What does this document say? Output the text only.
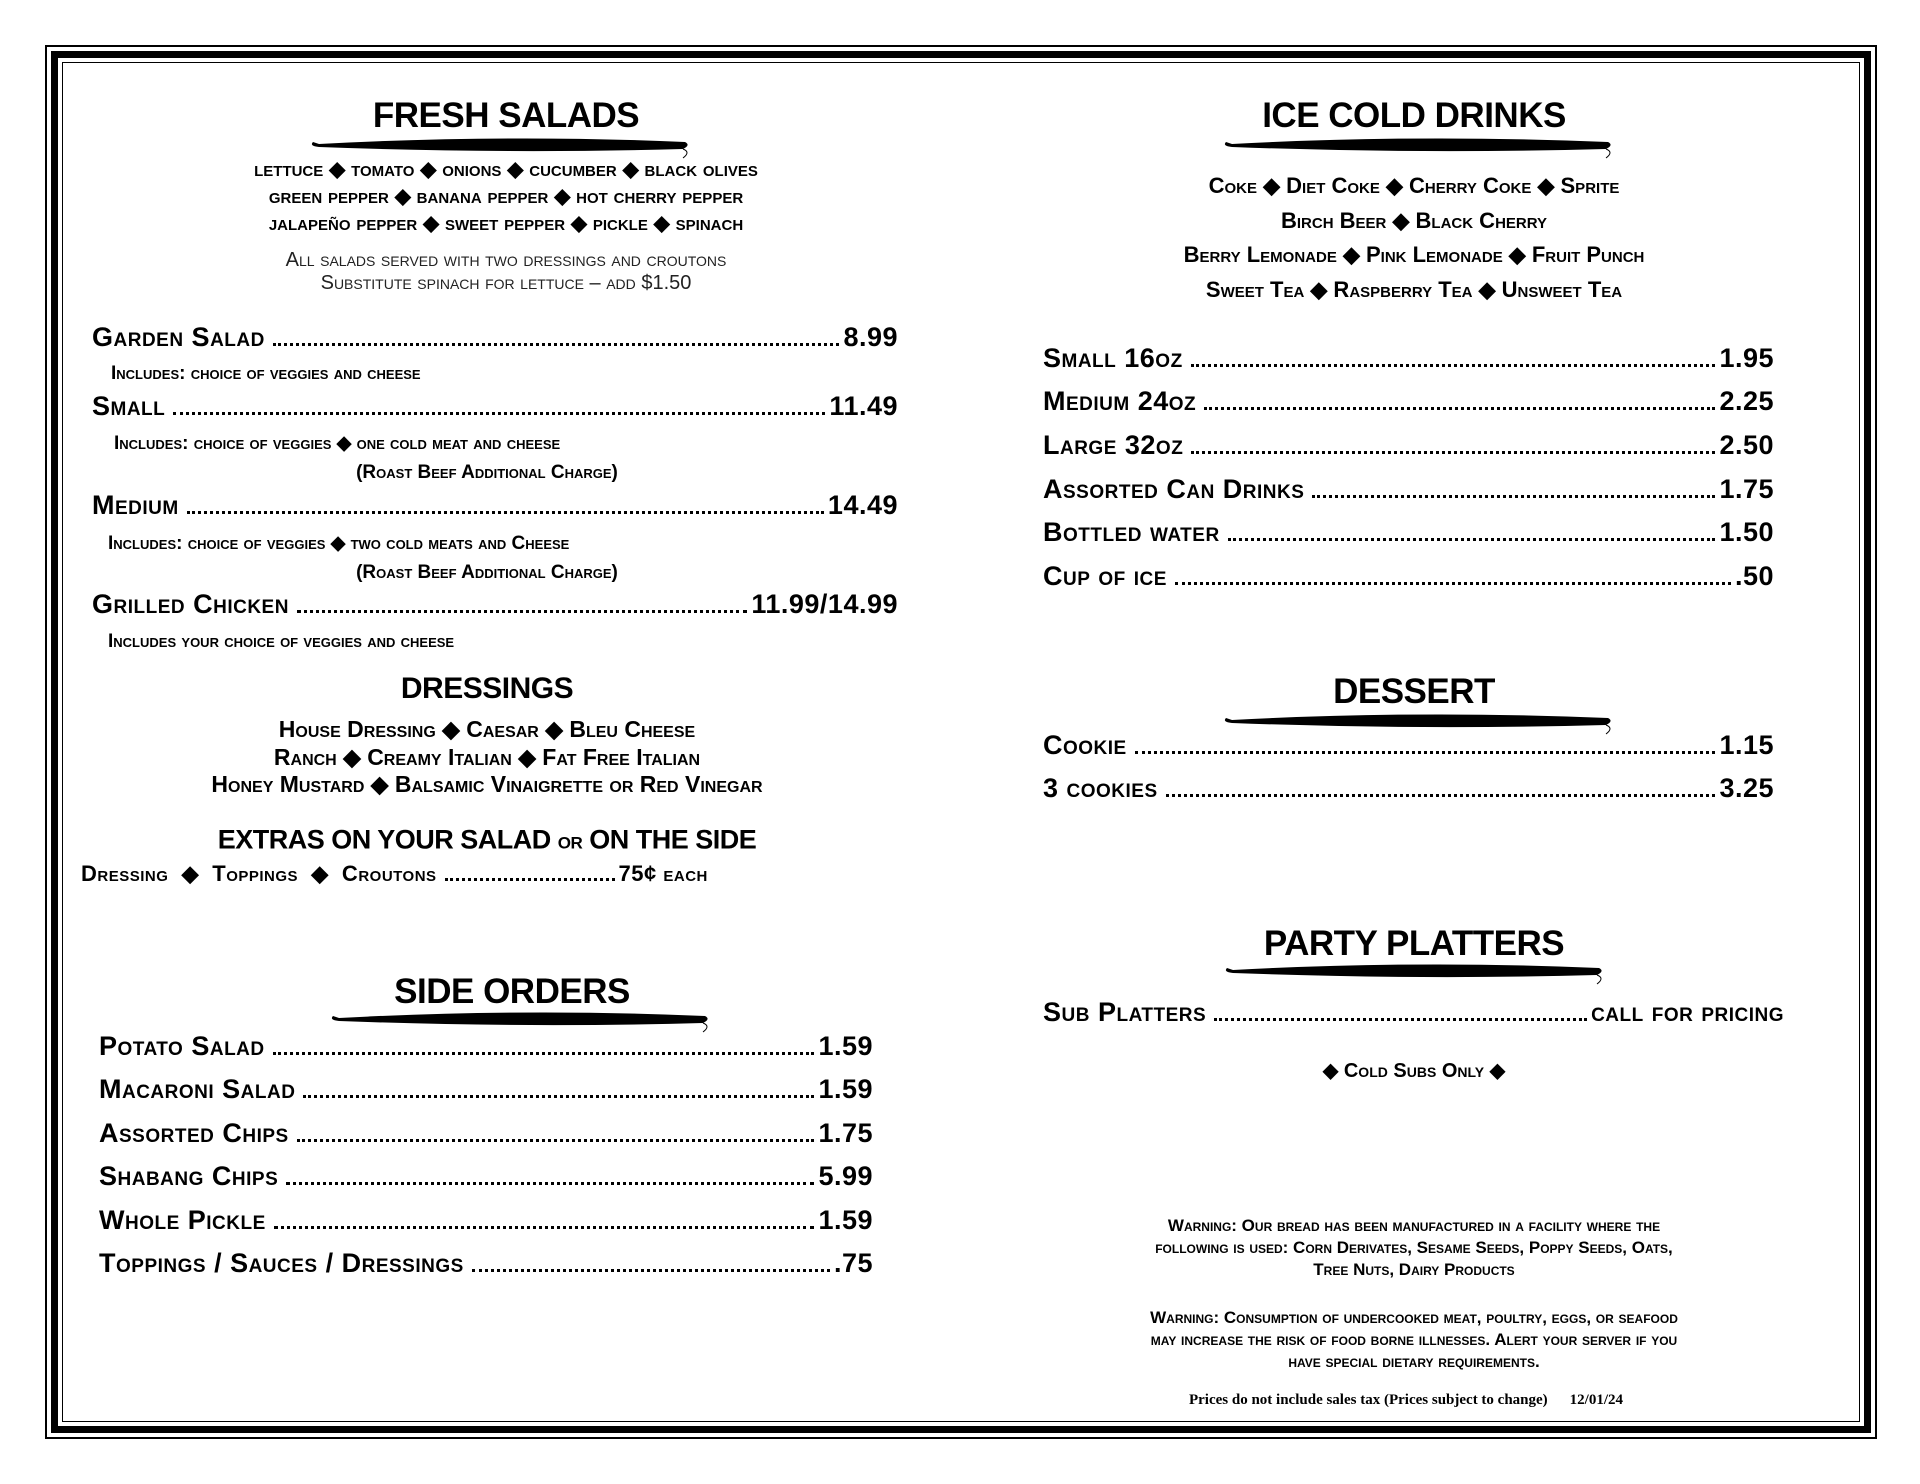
FRESH SALADS
lettuce ◆ tomato ◆ onions ◆ cucumber ◆ black olives
green pepper ◆ banana pepper ◆ hot cherry pepper
jalapeño pepper ◆ sweet pepper ◆ pickle ◆ spinach
All salads served with two dressings and croutons
Substitute spinach for lettuce – add $1.50
Garden Salad	8.99
Small	11.49
Medium	14.49
Grilled Chicken	11.99/14.99
Includes: choice of veggies and cheese
Includes: choice of veggies ◆ one cold meat and cheese
(Roast Beef Additional Charge)
Includes: choice of veggies ◆ two cold meats and Cheese
(Roast Beef Additional Charge)
Includes your choice of veggies and cheese
DRESSINGS
House Dressing ◆ Caesar ◆ Bleu Cheese
Ranch ◆ Creamy Italian ◆ Fat Free Italian
Honey Mustard ◆ Balsamic Vinaigrette or Red Vinegar
EXTRAS ON YOUR SALAD or ON THE SIDE
Dressing  ◆  Toppings  ◆  Croutons	75¢ each
SIDE ORDERS
Potato Salad	1.59
Macaroni Salad	1.59
Assorted Chips	1.75
Shabang Chips	5.99
Whole Pickle	1.59
Toppings / Sauces / Dressings	.75
ICE COLD DRINKS
Coke ◆ Diet Coke ◆ Cherry Coke ◆ Sprite
Birch Beer ◆ Black Cherry
Berry Lemonade ◆ Pink Lemonade ◆ Fruit Punch
Sweet Tea ◆ Raspberry Tea ◆ Unsweet Tea
Small 16oz	1.95
Medium 24oz	2.25
Large 32oz	2.50
Assorted Can Drinks	1.75
Bottled water	1.50
Cup of ice	.50
DESSERT
Cookie	1.15
3 cookies	3.25
PARTY PLATTERS
Sub Platters	call for pricing
◆ Cold Subs Only ◆
Warning: Our bread has been manufactured in a facility where the
following is used: Corn Derivates, Sesame Seeds, Poppy Seeds, Oats,
Tree Nuts, Dairy Products
Warning: Consumption of undercooked meat, poultry, eggs, or seafood
may increase the risk of food borne illnesses. Alert your server if you
have special dietary requirements.
Prices do not include sales tax (Prices subject to change) 12/01/24
